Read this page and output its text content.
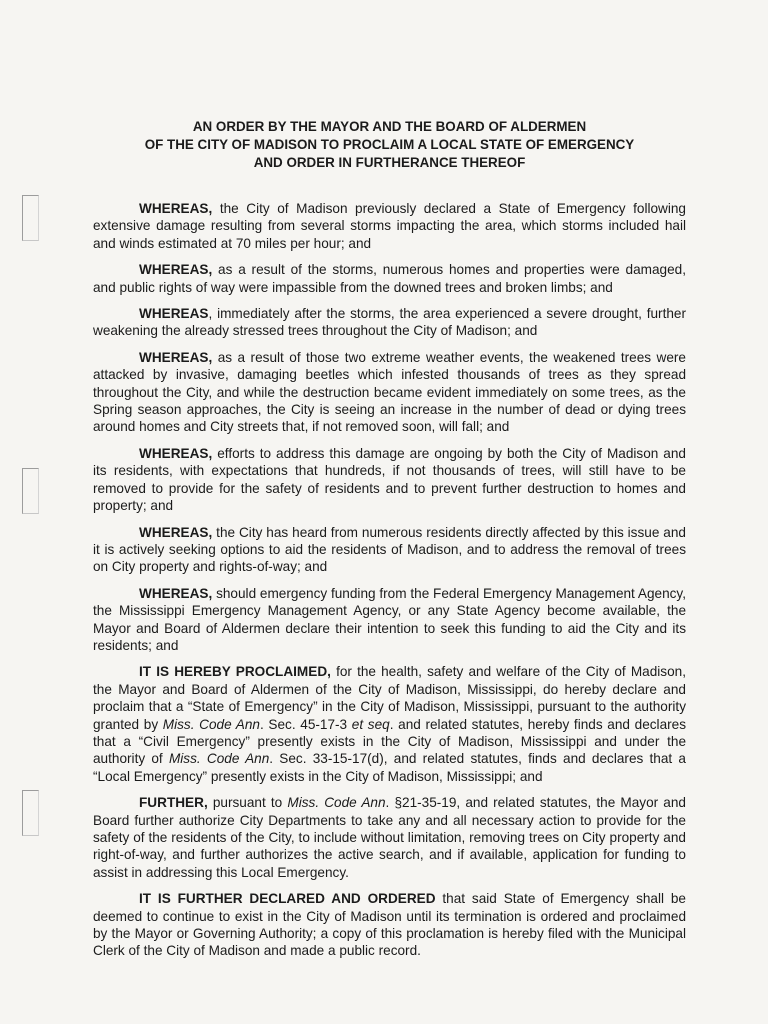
AN ORDER BY THE MAYOR AND THE BOARD OF ALDERMEN
OF THE CITY OF MADISON TO PROCLAIM A LOCAL STATE OF EMERGENCY
AND ORDER IN FURTHERANCE THEREOF

WHEREAS, the City of Madison previously declared a State of Emergency following extensive damage resulting from several storms impacting the area, which storms included hail and winds estimated at 70 miles per hour; and

WHEREAS, as a result of the storms, numerous homes and properties were damaged, and public rights of way were impassible from the downed trees and broken limbs; and

WHEREAS, immediately after the storms, the area experienced a severe drought, further weakening the already stressed trees throughout the City of Madison; and

WHEREAS, as a result of those two extreme weather events, the weakened trees were attacked by invasive, damaging beetles which infested thousands of trees as they spread throughout the City, and while the destruction became evident immediately on some trees, as the Spring season approaches, the City is seeing an increase in the number of dead or dying trees around homes and City streets that, if not removed soon, will fall; and

WHEREAS, efforts to address this damage are ongoing by both the City of Madison and its residents, with expectations that hundreds, if not thousands of trees, will still have to be removed to provide for the safety of residents and to prevent further destruction to homes and property; and

WHEREAS, the City has heard from numerous residents directly affected by this issue and it is actively seeking options to aid the residents of Madison, and to address the removal of trees on City property and rights-of-way; and

WHEREAS, should emergency funding from the Federal Emergency Management Agency, the Mississippi Emergency Management Agency, or any State Agency become available, the Mayor and Board of Aldermen declare their intention to seek this funding to aid the City and its residents; and

IT IS HEREBY PROCLAIMED, for the health, safety and welfare of the City of Madison, the Mayor and Board of Aldermen of the City of Madison, Mississippi, do hereby declare and proclaim that a “State of Emergency” in the City of Madison, Mississippi, pursuant to the authority granted by Miss. Code Ann. Sec. 45-17-3 et seq. and related statutes, hereby finds and declares that a “Civil Emergency” presently exists in the City of Madison, Mississippi and under the authority of Miss. Code Ann. Sec. 33-15-17(d), and related statutes, finds and declares that a “Local Emergency” presently exists in the City of Madison, Mississippi; and

FURTHER, pursuant to Miss. Code Ann. §21-35-19, and related statutes, the Mayor and Board further authorize City Departments to take any and all necessary action to provide for the safety of the residents of the City, to include without limitation, removing trees on City property and right-of-way, and further authorizes the active search, and if available, application for funding to assist in addressing this Local Emergency.

IT IS FURTHER DECLARED AND ORDERED that said State of Emergency shall be deemed to continue to exist in the City of Madison until its termination is ordered and proclaimed by the Mayor or Governing Authority; a copy of this proclamation is hereby filed with the Municipal Clerk of the City of Madison and made a public record.
